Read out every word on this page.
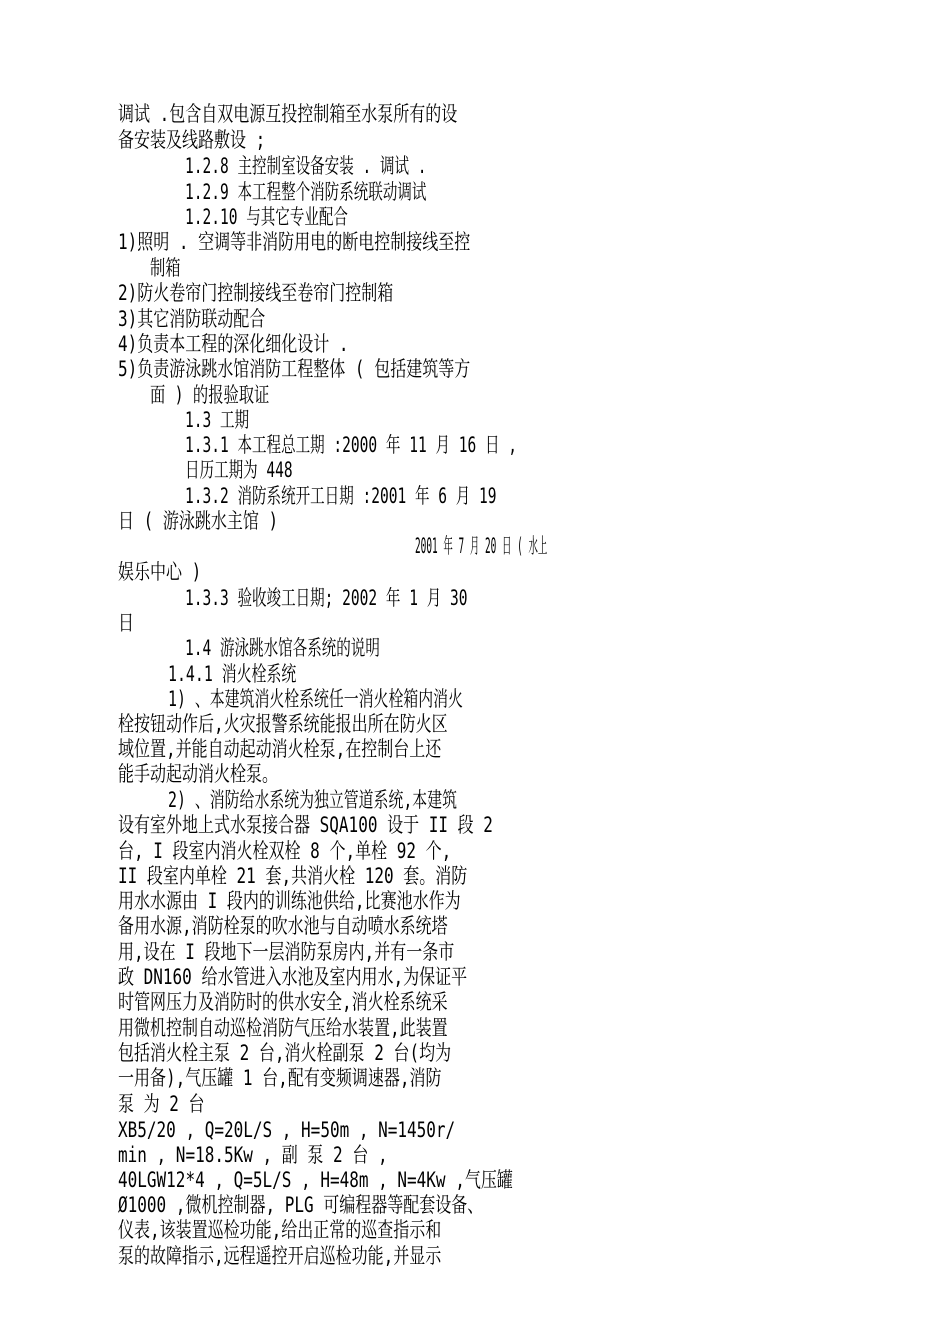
调试 .包含自双电源互投控制箱至水泵所有的设

备安装及线路敷设 ;

1.2.8 主控制室设备安装 . 调试 .

1.2.9 本工程整个消防系统联动调试

1.2.10 与其它专业配合

1)照明 . 空调等非消防用电的断电控制接线至控

制箱

2)防火卷帘门控制接线至卷帘门控制箱

3)其它消防联动配合

4)负责本工程的深化细化设计 .

5)负责游泳跳水馆消防工程整体 ( 包括建筑等方

面 ) 的报验取证

1.3 工期

1.3.1 本工程总工期 :2000 年 11 月 16 日 ,

日历工期为 448

1.3.2 消防系统开工日期 :2001 年 6 月 19

日 ( 游泳跳水主馆 )

2001 年 7 月 20 日 ( 水上

娱乐中心 )

1.3.3 验收竣工日期; 2002 年 1 月 30

日

1.4 游泳跳水馆各系统的说明

1.4.1 消火栓系统

1) 、本建筑消火栓系统任一消火栓箱内消火

栓按钮动作后,火灾报警系统能报出所在防火区

域位置,并能自动起动消火栓泵,在控制台上还

能手动起动消火栓泵。

2) 、消防给水系统为独立管道系统,本建筑

设有室外地上式水泵接合器 SQA100 设于 II 段 2

台, I 段室内消火栓双栓 8 个,单栓 92 个,

II 段室内单栓 21 套,共消火栓 120 套。消防

用水水源由 I 段内的训练池供给,比赛池水作为

备用水源,消防栓泵的吹水池与自动喷水系统塔

用,设在 I 段地下一层消防泵房内,并有一条市

政 DN160 给水管进入水池及室内用水,为保证平

时管网压力及消防时的供水安全,消火栓系统采

用微机控制自动巡检消防气压给水装置,此装置

包括消火栓主泵 2 台,消火栓副泵 2 台(均为

一用备),气压罐 1 台,配有变频调速器,消防

泵 为 2 台

XB5/20 , Q=20L/S , H=50m , N=1450r/

min , N=18.5Kw , 副 泵 2 台 ,

40LGW12*4 , Q=5L/S , H=48m , N=4Kw ,气压罐

Ø1000 ,微机控制器, PLG 可编程器等配套设备、

仪表,该装置巡检功能,给出正常的巡查指示和

泵的故障指示,远程遥控开启巡检功能,并显示
